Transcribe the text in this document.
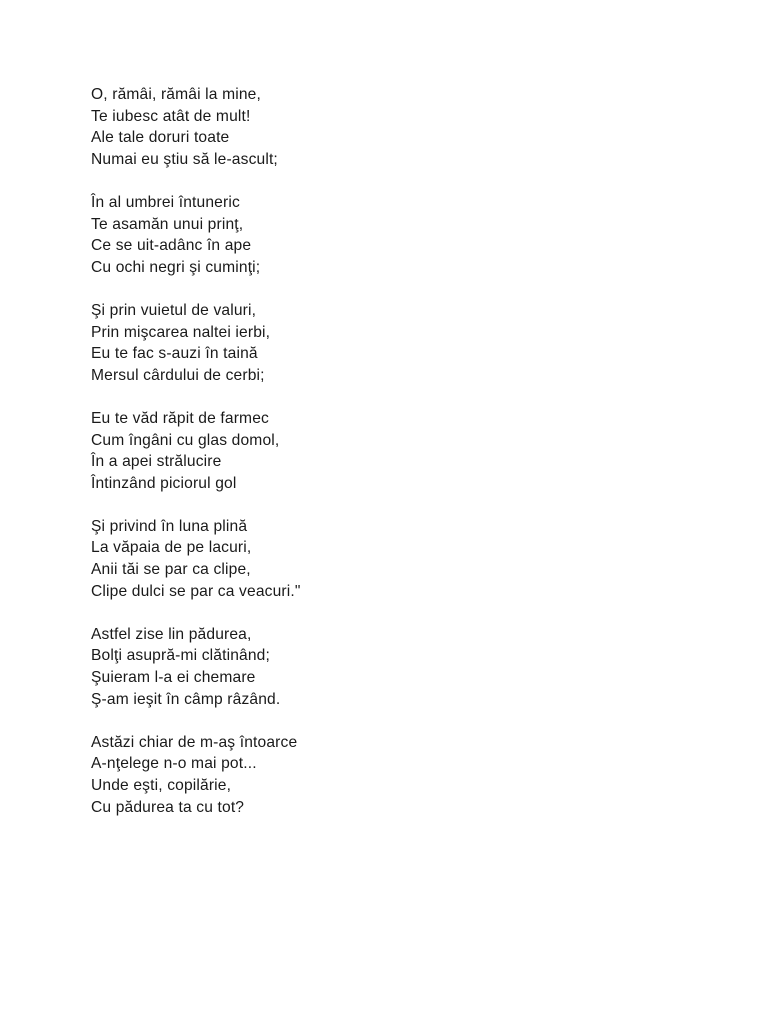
O, rămâi, rămâi la mine,
Te iubesc atât de mult!
Ale tale doruri toate
Numai eu ştiu să le-ascult;
În al umbrei întuneric
Te asamăn unui prinţ,
Ce se uit-adânc în ape
Cu ochi negri şi cuminţi;
Şi prin vuietul de valuri,
Prin mişcarea naltei ierbi,
Eu te fac s-auzi în taină
Mersul cârdului de cerbi;
Eu te văd răpit de farmec
Cum îngâni cu glas domol,
În a apei strălucire
Întinzând piciorul gol
Şi privind în luna plină
La văpaia de pe lacuri,
Anii tăi se par ca clipe,
Clipe dulci se par ca veacuri."
Astfel zise lin pădurea,
Bolţi asupră-mi clătinând;
Şuieram l-a ei chemare
Ş-am ieşit în câmp râzând.
Astăzi chiar de m-aş întoarce
A-nţelege n-o mai pot...
Unde eşti, copilărie,
Cu pădurea ta cu tot?
